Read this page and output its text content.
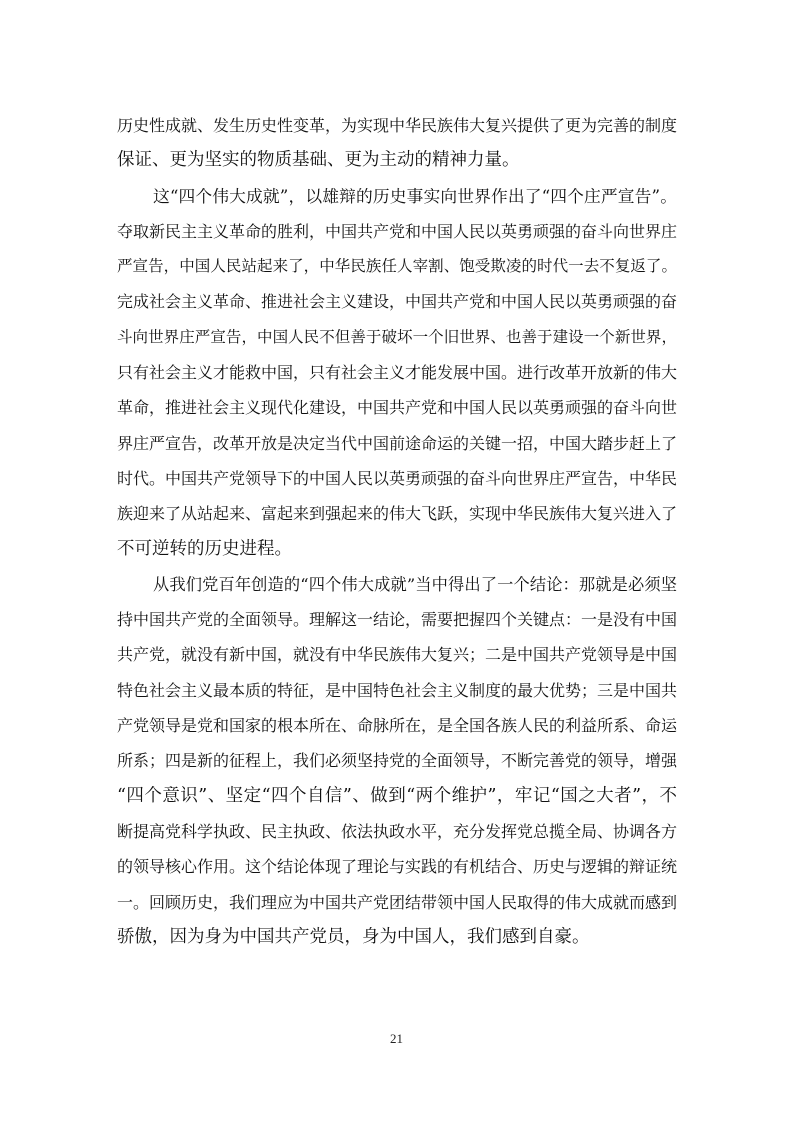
历史性成就、发生历史性变革，为实现中华民族伟大复兴提供了更为完善的制度
保证、更为坚实的物质基础、更为主动的精神力量。
这“四个伟大成就”，以雄辩的历史事实向世界作出了“四个庄严宣告”。
夺取新民主主义革命的胜利，中国共产党和中国人民以英勇顽强的奋斗向世界庄
严宣告，中国人民站起来了，中华民族任人宰割、饱受欺凌的时代一去不复返了。
完成社会主义革命、推进社会主义建设，中国共产党和中国人民以英勇顽强的奋
斗向世界庄严宣告，中国人民不但善于破坏一个旧世界、也善于建设一个新世界，
只有社会主义才能救中国，只有社会主义才能发展中国。进行改革开放新的伟大
革命，推进社会主义现代化建设，中国共产党和中国人民以英勇顽强的奋斗向世
界庄严宣告，改革开放是决定当代中国前途命运的关键一招，中国大踏步赶上了
时代。中国共产党领导下的中国人民以英勇顽强的奋斗向世界庄严宣告，中华民
族迎来了从站起来、富起来到强起来的伟大飞跃，实现中华民族伟大复兴进入了
不可逆转的历史进程。
从我们党百年创造的“四个伟大成就”当中得出了一个结论：那就是必须坚
持中国共产党的全面领导。理解这一结论，需要把握四个关键点：一是没有中国
共产党，就没有新中国，就没有中华民族伟大复兴；二是中国共产党领导是中国
特色社会主义最本质的特征，是中国特色社会主义制度的最大优势；三是中国共
产党领导是党和国家的根本所在、命脉所在，是全国各族人民的利益所系、命运
所系；四是新的征程上，我们必须坚持党的全面领导，不断完善党的领导，增强
“四个意识”、坚定“四个自信”、做到“两个维护”，牢记“国之大者”，不
断提高党科学执政、民主执政、依法执政水平，充分发挥党总揽全局、协调各方
的领导核心作用。这个结论体现了理论与实践的有机结合、历史与逻辑的辩证统
一。回顾历史，我们理应为中国共产党团结带领中国人民取得的伟大成就而感到
骄傲，因为身为中国共产党员，身为中国人，我们感到自豪。
21
